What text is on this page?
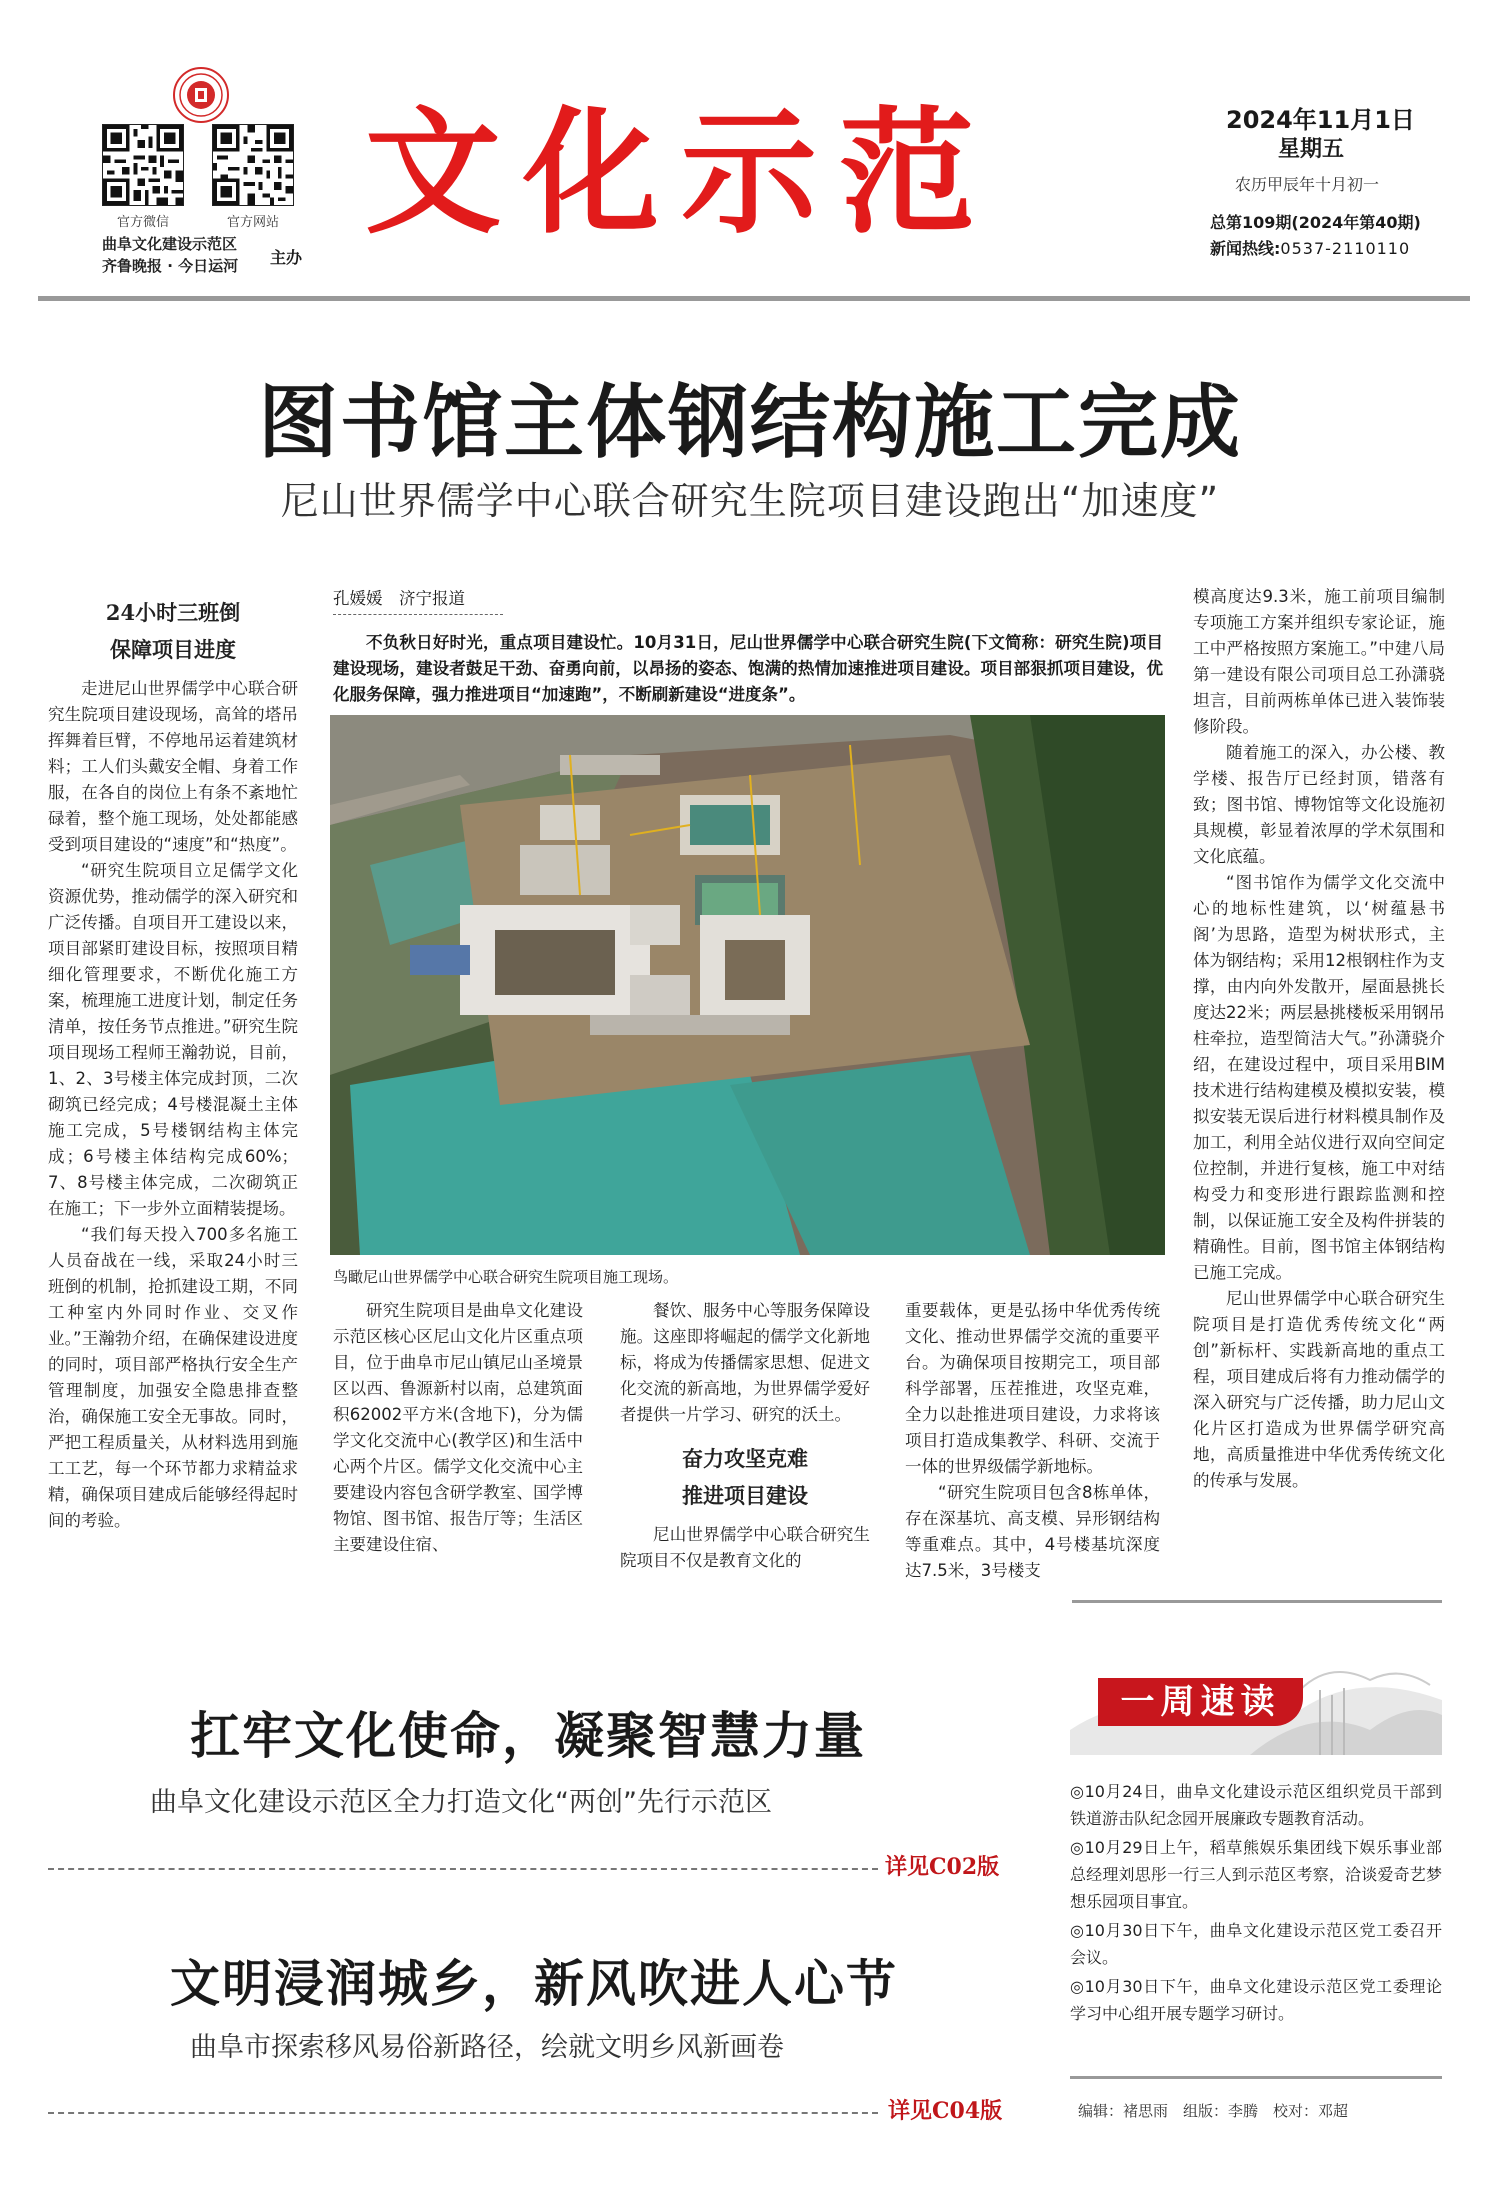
官方微信	官方网站
曲阜文化建设示范区
齐鲁晚报 · 今日运河 主办
文化示范	2024年11月1日
星期五
农历甲辰年十月初一
总第109期(2024年第40期)
新闻热线:0537-2110110
图书馆主体钢结构施工完成
尼山世界儒学中心联合研究生院项目建设跑出“加速度”
24小时三班倒
保障项目进度

走进尼山世界儒学中心联合研究生院项目建设现场，高耸的塔吊挥舞着巨臂，不停地吊运着建筑材料；工人们头戴安全帽、身着工作服，在各自的岗位上有条不紊地忙碌着，整个施工现场，处处都能感受到项目建设的“速度”和“热度”。

“研究生院项目立足儒学文化资源优势，推动儒学的深入研究和广泛传播。自项目开工建设以来，项目部紧盯建设目标，按照项目精细化管理要求，不断优化施工方案，梳理施工进度计划，制定任务清单，按任务节点推进。”研究生院项目现场工程师王瀚勃说，目前，1、2、3号楼主体完成封顶，二次砌筑已经完成；4号楼混凝土主体施工完成，5号楼钢结构主体完成；6号楼主体结构完成60%；7、8号楼主体完成，二次砌筑正在施工；下一步外立面精装提场。

“我们每天投入700多名施工人员奋战在一线，采取24小时三班倒的机制，抢抓建设工期，不同工种室内外同时作业、交叉作业。”王瀚勃介绍，在确保建设进度的同时，项目部严格执行安全生产管理制度，加强安全隐患排查整治，确保施工安全无事故。同时，严把工程质量关，从材料选用到施工工艺，每一个环节都力求精益求精，确保项目建成后能够经得起时间的考验。

孔媛媛　济宁报道
不负秋日好时光，重点项目建设忙。10月31日，尼山世界儒学中心联合研究生院(下文简称：研究生院)项目建设现场，建设者鼓足干劲、奋勇向前，以昂扬的姿态、饱满的热情加速推进项目建设。项目部狠抓项目建设，优化服务保障，强力推进项目“加速跑”，不断刷新建设“进度条”。
鸟瞰尼山世界儒学中心联合研究生院项目施工现场。

研究生院项目是曲阜文化建设示范区核心区尼山文化片区重点项目，位于曲阜市尼山镇尼山圣境景区以西、鲁源新村以南，总建筑面积62002平方米(含地下)，分为儒学文化交流中心(教学区)和生活中心两个片区。儒学文化交流中心主要建设内容包含研学教室、国学博物馆、图书馆、报告厅等；生活区主要建设住宿、

餐饮、服务中心等服务保障设施。这座即将崛起的儒学文化新地标，将成为传播儒家思想、促进文化交流的新高地，为世界儒学爱好者提供一片学习、研究的沃土。

奋力攻坚克难
推进项目建设

尼山世界儒学中心联合研究生院项目不仅是教育文化的

重要载体，更是弘扬中华优秀传统文化、推动世界儒学交流的重要平台。为确保项目按期完工，项目部科学部署，压茬推进，攻坚克难，全力以赴推进项目建设，力求将该项目打造成集教学、科研、交流于一体的世界级儒学新地标。

“研究生院项目包含8栋单体，存在深基坑、高支模、异形钢结构等重难点。其中，4号楼基坑深度达7.5米，3号楼支

模高度达9.3米，施工前项目编制专项施工方案并组织专家论证，施工中严格按照方案施工。”中建八局第一建设有限公司项目总工孙潇骁坦言，目前两栋单体已进入装饰装修阶段。

随着施工的深入，办公楼、教学楼、报告厅已经封顶，错落有致；图书馆、博物馆等文化设施初具规模，彰显着浓厚的学术氛围和文化底蕴。

“图书馆作为儒学文化交流中心的地标性建筑，以‘树蕴悬书阁’为思路，造型为树状形式，主体为钢结构；采用12根钢柱作为支撑，由内向外发散开，屋面悬挑长度达22米；两层悬挑楼板采用钢吊柱牵拉，造型简洁大气。”孙潇骁介绍，在建设过程中，项目采用BIM技术进行结构建模及模拟安装，模拟安装无误后进行材料模具制作及加工，利用全站仪进行双向空间定位控制，并进行复核，施工中对结构受力和变形进行跟踪监测和控制，以保证施工安全及构件拼装的精确性。目前，图书馆主体钢结构已施工完成。

尼山世界儒学中心联合研究生院项目是打造优秀传统文化“两创”新标杆、实践新高地的重点工程，项目建成后将有力推动儒学的深入研究与广泛传播，助力尼山文化片区打造成为世界儒学研究高地，高质量推进中华优秀传统文化的传承与发展。

扛牢文化使命，凝聚智慧力量
曲阜文化建设示范区全力打造文化“两创”先行示范区
详见C02版
文明浸润城乡，新风吹进人心节
曲阜市探索移风易俗新路径，绘就文明乡风新画卷
详见C04版
一周速读
◎10月24日，曲阜文化建设示范区组织党员干部到铁道游击队纪念园开展廉政专题教育活动。
◎10月29日上午，稻草熊娱乐集团线下娱乐事业部总经理刘思彤一行三人到示范区考察，洽谈爱奇艺梦想乐园项目事宜。
◎10月30日下午，曲阜文化建设示范区党工委召开会议。
◎10月30日下午，曲阜文化建设示范区党工委理论学习中心组开展专题学习研讨。
编辑：褚思雨　组版：李腾　校对：邓超
